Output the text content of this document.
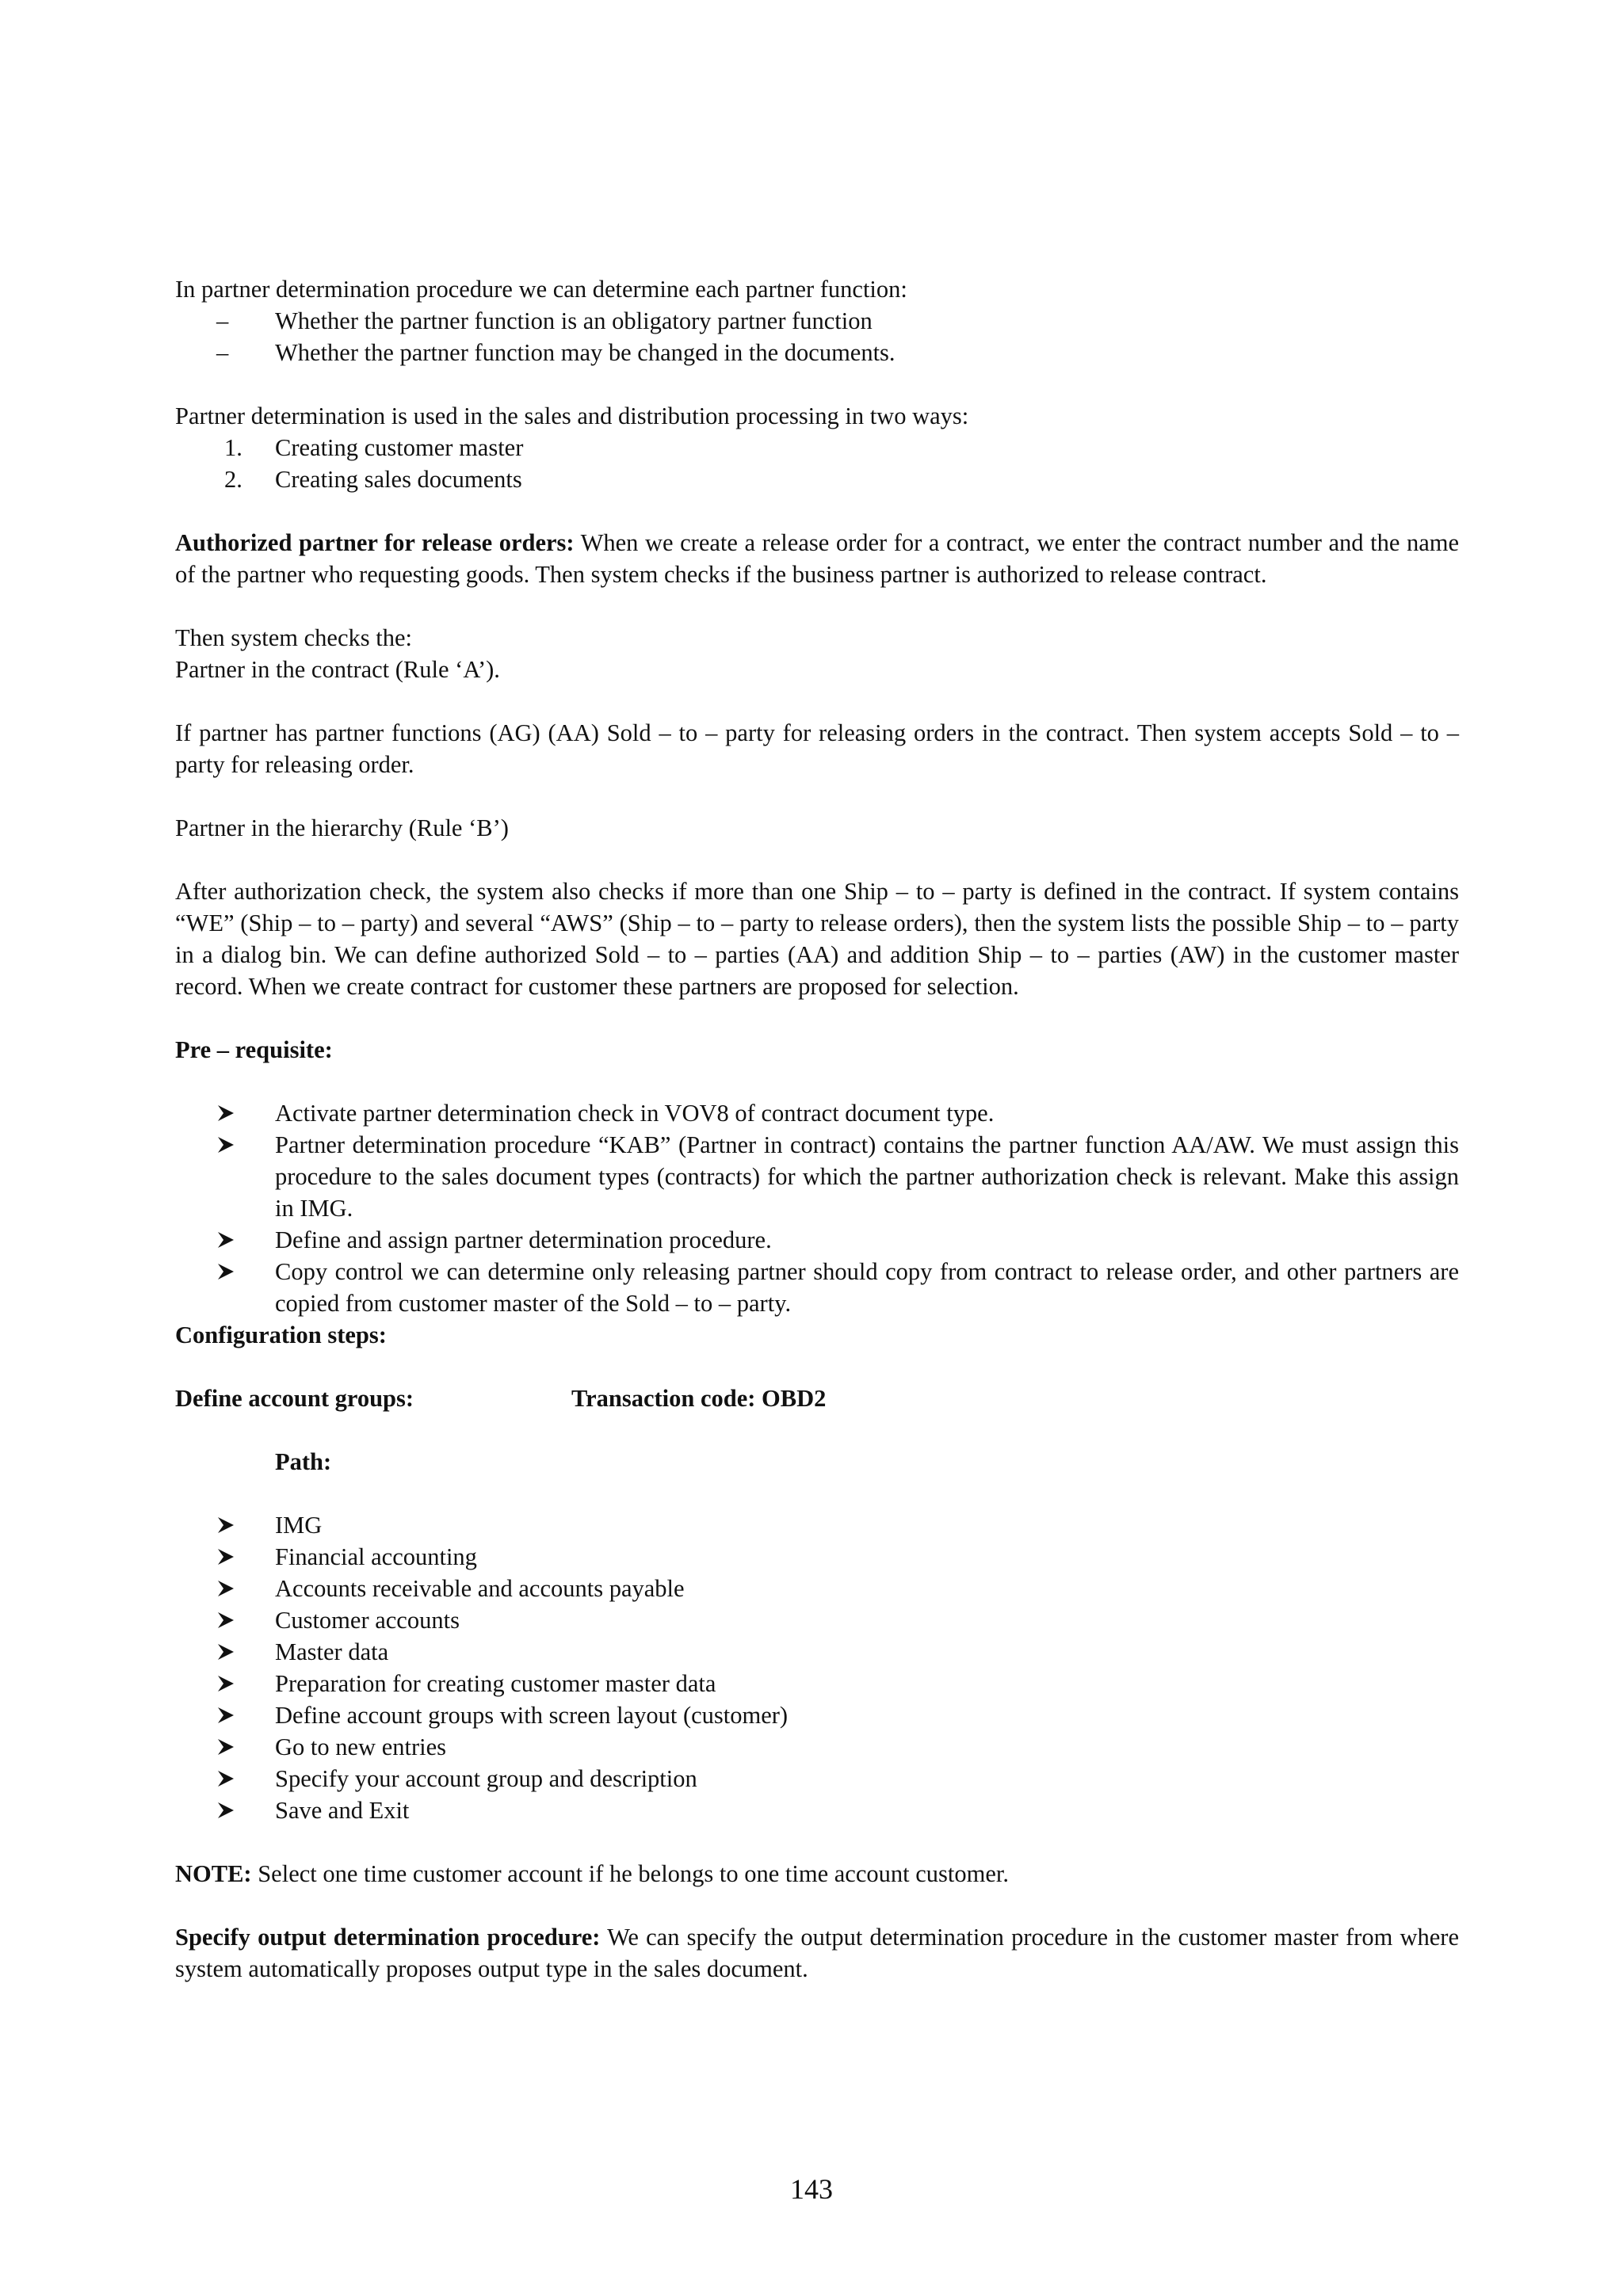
In partner determination procedure we can determine each partner function:

–	Whether the partner function is an obligatory partner function
–	Whether the partner function may be changed in the documents.

Partner determination is used in the sales and distribution processing in two ways:

1.	Creating customer master
2.	Creating sales documents

Authorized partner for release orders: When we create a release order for a contract, we enter the contract number and the name of the partner who requesting goods. Then system checks if the business partner is authorized to release contract.

Then system checks the:

Partner in the contract (Rule ‘A’).

If partner has partner functions (AG) (AA) Sold – to – party for releasing orders in the contract. Then system accepts Sold – to – party for releasing order.

Partner in the hierarchy (Rule ‘B’)

After authorization check, the system also checks if more than one Ship – to – party is defined in the contract. If system contains “WE” (Ship – to – party) and several “AWS” (Ship – to – party to release orders), then the system lists the possible Ship – to – party in a dialog bin. We can define authorized Sold – to – parties (AA) and addition Ship – to – parties (AW) in the customer master record. When we create contract for customer these partners are proposed for selection.

Pre – requisite:

Activate partner determination check in VOV8 of contract document type.
Partner determination procedure “KAB” (Partner in contract) contains the partner function AA/AW. We must assign this procedure to the sales document types (contracts) for which the partner authorization check is relevant. Make this assign in IMG.
Define and assign partner determination procedure.
Copy control we can determine only releasing partner should copy from contract to release order, and other partners are copied from customer master of the Sold – to – party.

Configuration steps:

Define account groups:	Transaction code: OBD2

Path:

IMG
Financial accounting
Accounts receivable and accounts payable
Customer accounts
Master data
Preparation for creating customer master data
Define account groups with screen layout (customer)
Go to new entries
Specify your account group and description
Save and Exit

NOTE: Select one time customer account if he belongs to one time account customer.

Specify output determination procedure: We can specify the output determination procedure in the customer master from where system automatically proposes output type in the sales document.

143
